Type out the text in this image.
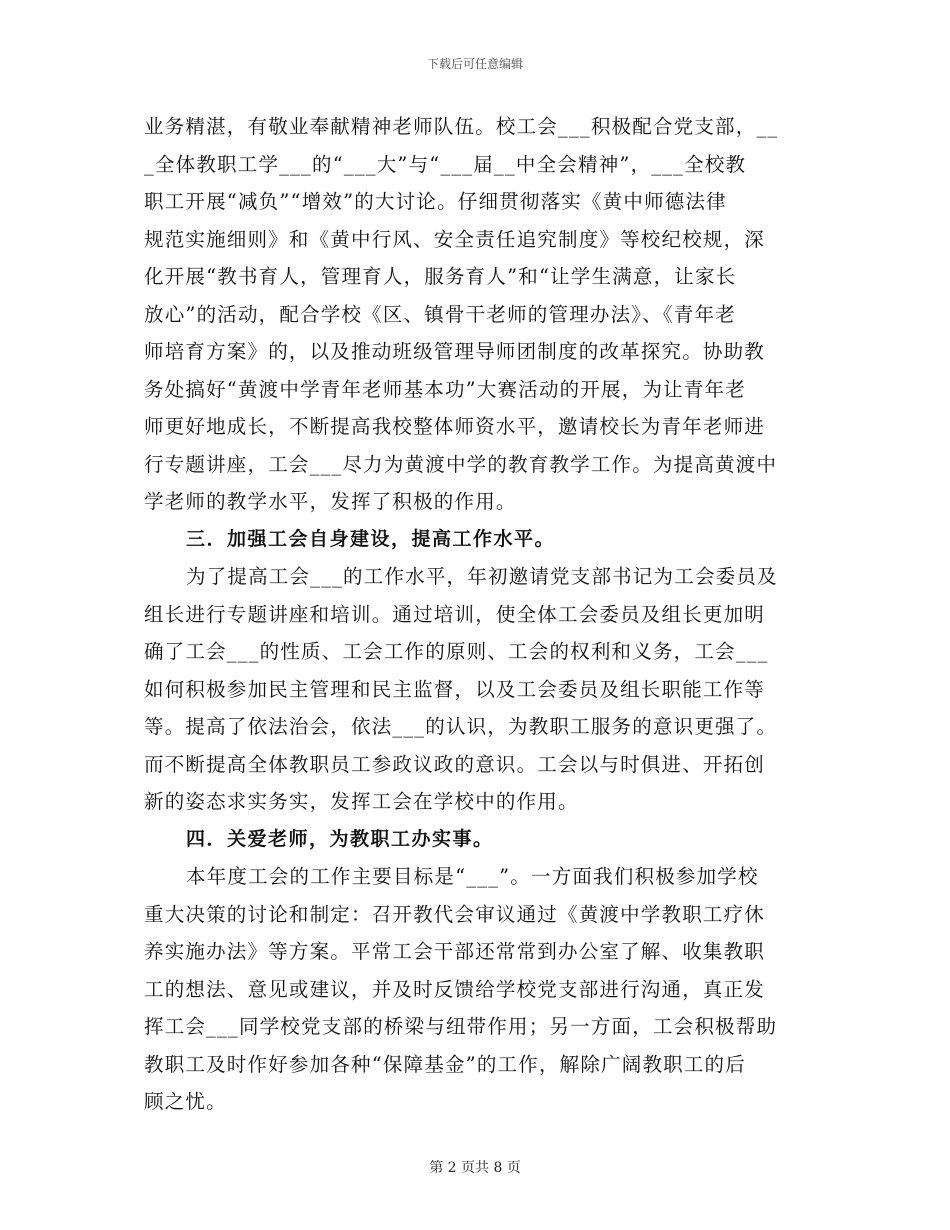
下载后可任意编辑
业务精湛，有敬业奉献精神老师队伍。校工会___积极配合党支部，__
_全体教职工学___的“___大”与“___届__中全会精神”，___全校教
职工开展“减负”“增效”的大讨论。仔细贯彻落实《黄中师德法律
规范实施细则》和《黄中行风、安全责任追究制度》等校纪校规，深
化开展“教书育人，管理育人，服务育人”和“让学生满意，让家长
放心”的活动，配合学校《区、镇骨干老师的管理办法》、《青年老
师培育方案》的，以及推动班级管理导师团制度的改革探究。协助教
务处搞好“黄渡中学青年老师基本功”大赛活动的开展，为让青年老
师更好地成长，不断提高我校整体师资水平，邀请校长为青年老师进
行专题讲座，工会___尽力为黄渡中学的教育教学工作。为提高黄渡中
学老师的教学水平，发挥了积极的作用。
三．加强工会自身建设，提高工作水平。
为了提高工会___的工作水平，年初邀请党支部书记为工会委员及
组长进行专题讲座和培训。通过培训，使全体工会委员及组长更加明
确了工会___的性质、工会工作的原则、工会的权利和义务，工会___
如何积极参加民主管理和民主监督，以及工会委员及组长职能工作等
等。提高了依法治会，依法___的认识，为教职工服务的意识更强了。
而不断提高全体教职员工参政议政的意识。工会以与时俱进、开拓创
新的姿态求实务实，发挥工会在学校中的作用。
四．关爱老师，为教职工办实事。
本年度工会的工作主要目标是“___”。一方面我们积极参加学校
重大决策的讨论和制定：召开教代会审议通过《黄渡中学教职工疗休
养实施办法》等方案。平常工会干部还常常到办公室了解、收集教职
工的想法、意见或建议，并及时反馈给学校党支部进行沟通，真正发
挥工会___同学校党支部的桥梁与纽带作用；另一方面，工会积极帮助
教职工及时作好参加各种“保障基金”的工作，解除广阔教职工的后
顾之忧。
第 2 页共 8 页
